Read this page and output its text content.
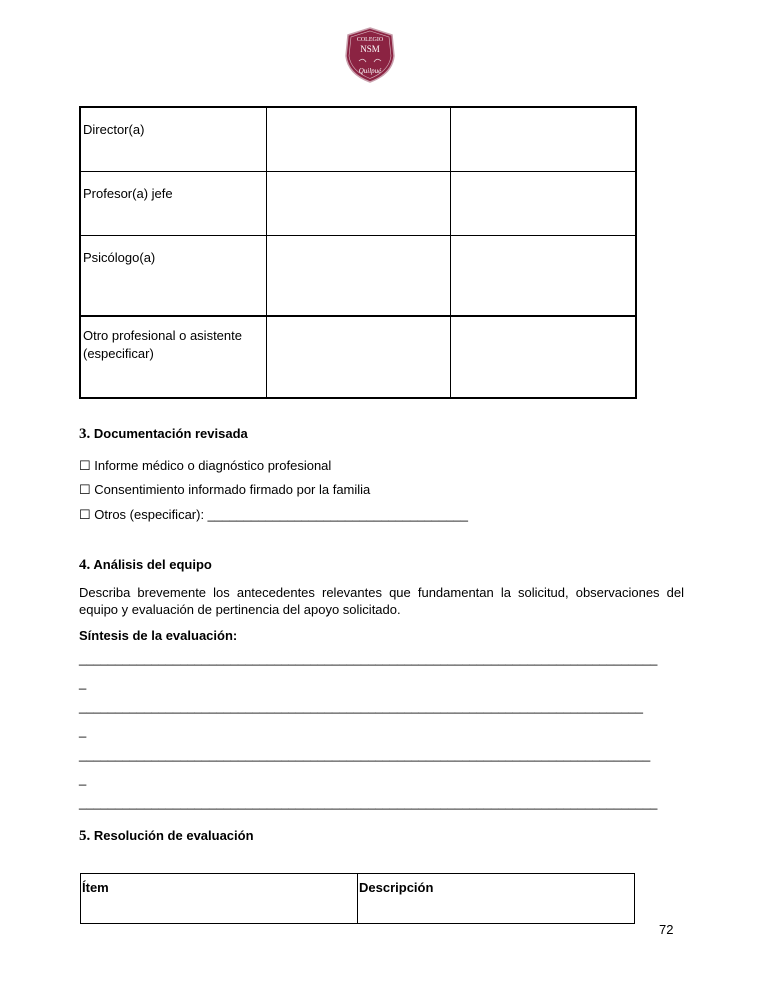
COLEGIO
NSM
Quilpué
Director(a)		
Profesor(a) jefe		
Psicólogo(a)		
Otro profesional o asistente (especificar)		
3. Documentación revisada
☐ Informe médico o diagnóstico profesional
☐ Consentimiento informado firmado por la familia
☐ Otros (especificar): ____________________________________
4. Análisis del equipo
Describa brevemente los antecedentes relevantes que fundamentan la solicitud, observaciones del equipo y evaluación de pertinencia del apoyo solicitado.
Síntesis de la evaluación:
________________________________________________________________________________
_
______________________________________________________________________________
_
_______________________________________________________________________________
_
________________________________________________________________________________
5. Resolución de evaluación
Ítem	Descripción
72
